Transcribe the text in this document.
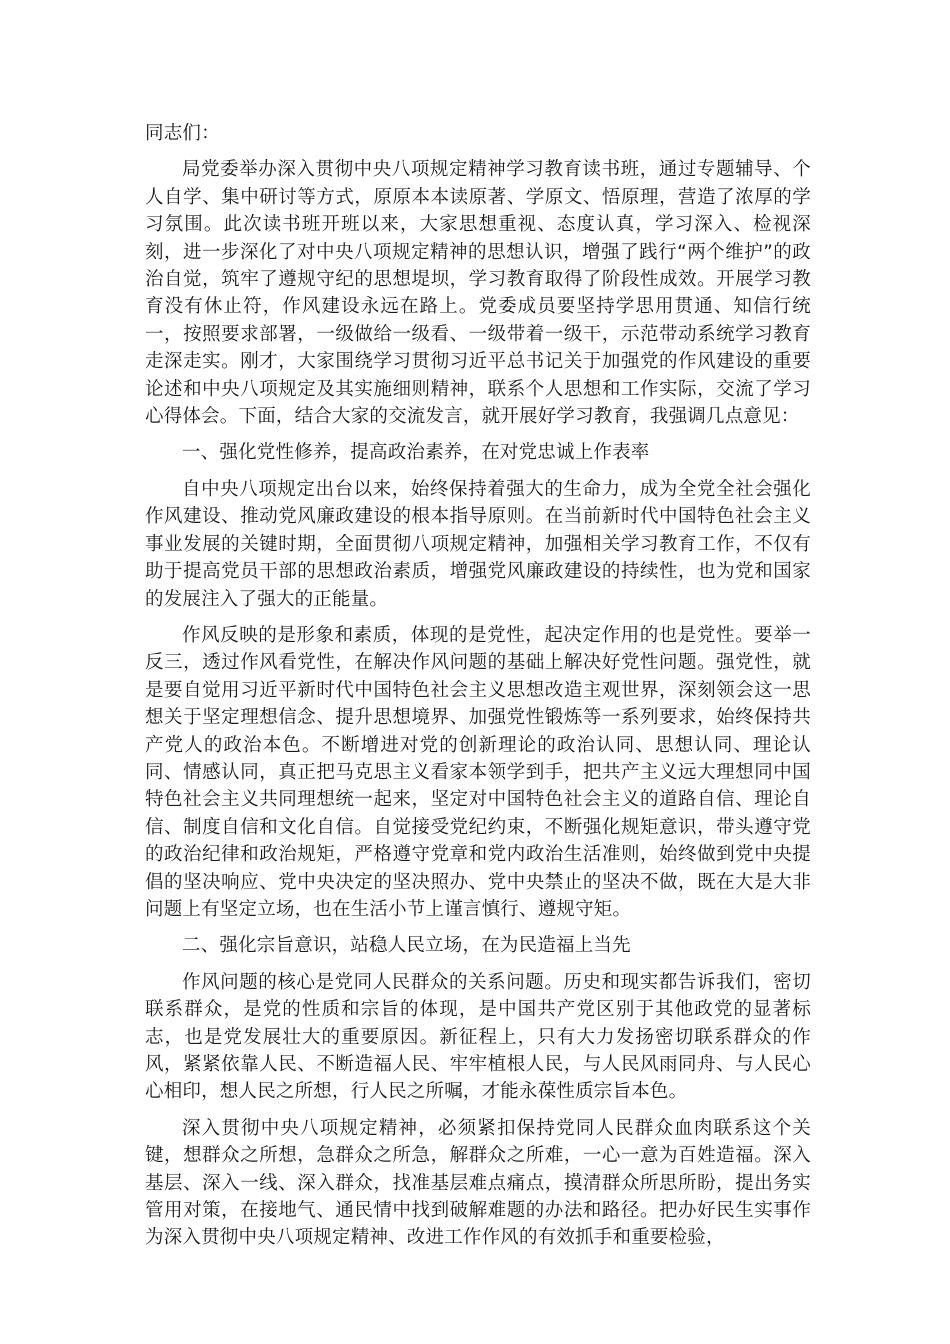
同志们：

局党委举办深入贯彻中央八项规定精神学习教育读书班，通过专题辅导、个人自学、集中研讨等方式，原原本本读原著、学原文、悟原理，营造了浓厚的学习氛围。此次读书班开班以来，大家思想重视、态度认真，学习深入、检视深刻，进一步深化了对中央八项规定精神的思想认识，增强了践行“两个维护”的政治自觉，筑牢了遵规守纪的思想堤坝，学习教育取得了阶段性成效。开展学习教育没有休止符，作风建设永远在路上。党委成员要坚持学思用贯通、知信行统一，按照要求部署，一级做给一级看、一级带着一级干，示范带动系统学习教育走深走实。刚才，大家围绕学习贯彻习近平总书记关于加强党的作风建设的重要论述和中央八项规定及其实施细则精神，联系个人思想和工作实际，交流了学习心得体会。下面，结合大家的交流发言，就开展好学习教育，我强调几点意见：

一、强化党性修养，提高政治素养，在对党忠诚上作表率

自中央八项规定出台以来，始终保持着强大的生命力，成为全党全社会强化作风建设、推动党风廉政建设的根本指导原则。在当前新时代中国特色社会主义事业发展的关键时期，全面贯彻八项规定精神，加强相关学习教育工作，不仅有助于提高党员干部的思想政治素质，增强党风廉政建设的持续性，也为党和国家的发展注入了强大的正能量。

作风反映的是形象和素质，体现的是党性，起决定作用的也是党性。要举一反三，透过作风看党性，在解决作风问题的基础上解决好党性问题。强党性，就是要自觉用习近平新时代中国特色社会主义思想改造主观世界，深刻领会这一思想关于坚定理想信念、提升思想境界、加强党性锻炼等一系列要求，始终保持共产党人的政治本色。不断增进对党的创新理论的政治认同、思想认同、理论认同、情感认同，真正把马克思主义看家本领学到手，把共产主义远大理想同中国特色社会主义共同理想统一起来，坚定对中国特色社会主义的道路自信、理论自信、制度自信和文化自信。自觉接受党纪约束，不断强化规矩意识，带头遵守党的政治纪律和政治规矩，严格遵守党章和党内政治生活准则，始终做到党中央提倡的坚决响应、党中央决定的坚决照办、党中央禁止的坚决不做，既在大是大非问题上有坚定立场，也在生活小节上谨言慎行、遵规守矩。

二、强化宗旨意识，站稳人民立场，在为民造福上当先

作风问题的核心是党同人民群众的关系问题。历史和现实都告诉我们，密切联系群众，是党的性质和宗旨的体现，是中国共产党区别于其他政党的显著标志，也是党发展壮大的重要原因。新征程上，只有大力发扬密切联系群众的作风，紧紧依靠人民、不断造福人民、牢牢植根人民，与人民风雨同舟、与人民心心相印，想人民之所想，行人民之所嘱，才能永葆性质宗旨本色。

深入贯彻中央八项规定精神，必须紧扣保持党同人民群众血肉联系这个关键，想群众之所想，急群众之所急，解群众之所难，一心一意为百姓造福。深入基层、深入一线、深入群众，找准基层难点痛点，摸清群众所思所盼，提出务实管用对策，在接地气、通民情中找到破解难题的办法和路径。把办好民生实事作为深入贯彻中央八项规定精神、改进工作作风的有效抓手和重要检验，
